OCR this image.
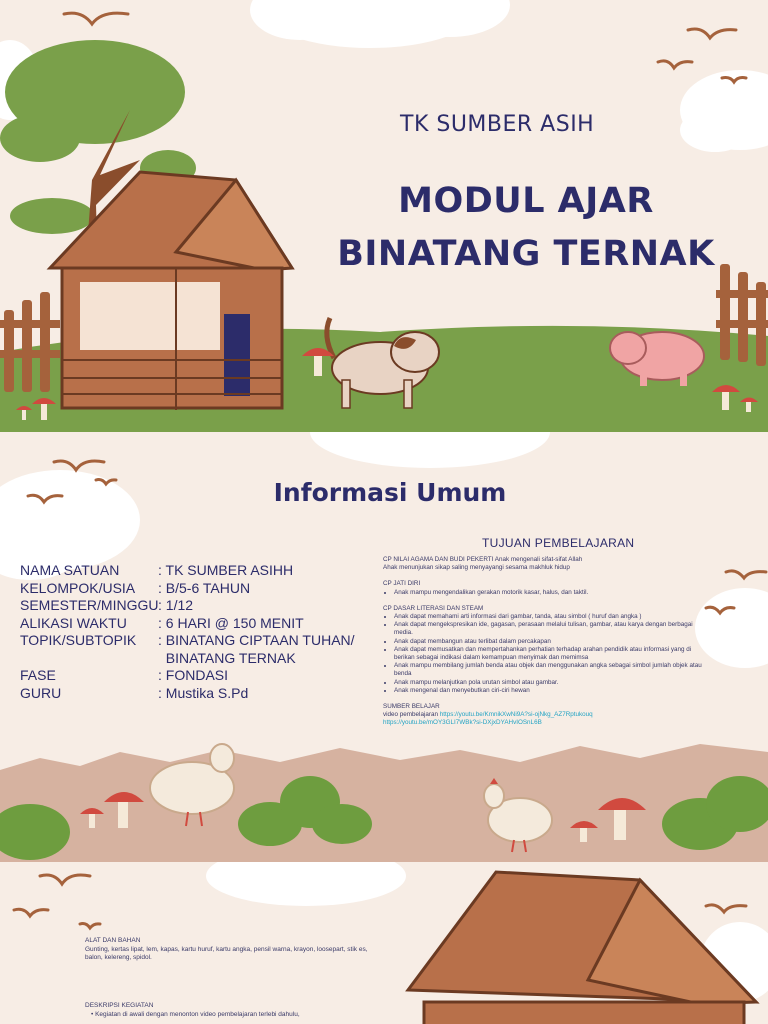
TK SUMBER ASIH
MODUL AJAR
BINATANG TERNAK
Informasi Umum
NAMA SATUAN	: TK SUMBER ASIHH
KELOMPOK/USIA	: B/5-6 TAHUN
SEMESTER/MINGGU : 1/12
ALIKASI WAKTU	: 6 HARI @ 150 MENIT
TOPIK/SUBTOPIK	: BINATANG CIPTAAN TUHAN/
BINATANG TERNAK
FASE	: FONDASI
GURU	: Mustika S.Pd
TUJUAN PEMBELAJARAN
CP NILAI AGAMA DAN BUDI PEKERTI Anak mengenali sifat-sifat Allah
Ahak menunjukan sikap saling menyayangi sesama makhluk hidup
CP JATI DIRI
• Anak mampu mengendalikan gerakan motorik kasar, halus, dan taktil.
CP DASAR LITERASI DAN STEAM
• Anak dapat memahami arti informasi dari gambar, tanda, atau simbol ( huruf dan angka )
• Anak dapat mengekspresikan ide, gagasan, perasaan melalui tulisan, gambar, atau karya dengan berbagai media.
• Anak dapat membangun atau terlibat dalam percakapan
• Anak dapat memusatkan dan mempertahankan perhatian terhadap arahan pendidik atau informasi yang di berikan sebagai indikasi dalam kemampuan menyimak dan memimsa
• Anak mampu membilang jumlah benda atau objek dan menggunakan angka sebagai simbol jumlah objek atau benda
• Anak mampu melanjutkan pola urutan simbol atau gambar.
• Anak mengenal dan menyebutkan ciri-ciri hewan
SUMBER BELAJAR
video pembelajaran https://youtu.be/KmnikXwNi9A?si-ojNkg_AZ7Rptukouq
https://youtu.be/mOY3GLI7WBk?si-DXjxDYAHvIOSnL6B
ALAT DAN BAHAN
Gunting, kertas lipat, lem, kapas, kartu huruf, kartu angka, pensil warna, krayon, loosepart, stik es, balon, kelereng, spidol.
DESKRIPSI KEGIATAN
• Kegiatan di awali dengan menonton video pembelajaran terlebi dahulu,
